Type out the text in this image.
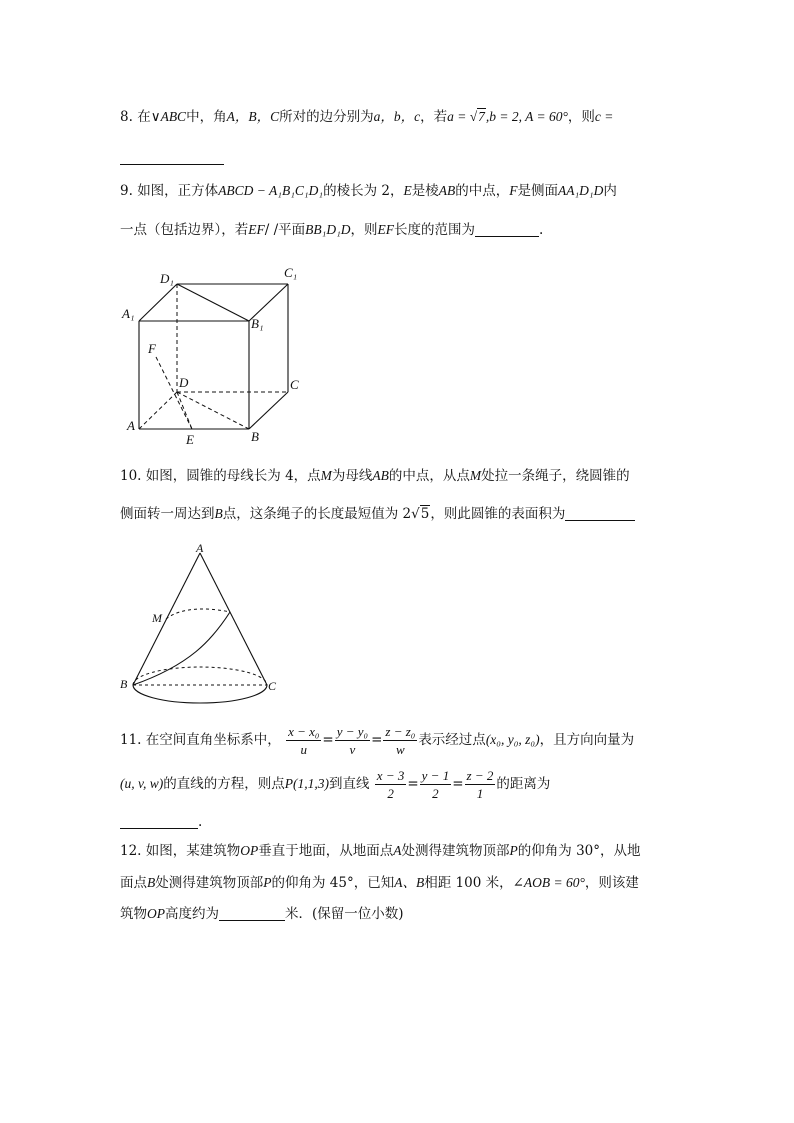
8. 在∨ABC中，角A，B，C所对的边分别为a，b，c，若a = √7,b = 2, A = 60°，则c =
9. 如图，正方体ABCD − A₁B₁C₁D₁的棱长为 2，E是棱AB的中点，F是侧面AA₁D₁D内
一点（包括边界），若EF/ /平面BB₁D₁D，则EF长度的范围为	.
D₁	C₁
A₁
B₁
F
D	C
A
E	B
10. 如图，圆锥的母线长为 4，点M为母线AB的中点，从点M处拉一条绳子，绕圆锥的
侧面转一周达到B点，这条绳子的长度最短值为 2√5，则此圆锥的表面积为
A
M
B	C
11. 在空间直角坐标系中， $\frac{\text{x − x₀}}{u} = \frac{\text{y − y₀}}{v} = \frac{\text{z − z₀}}{w}$ 表示经过点(x₀, y₀, z₀)，且方向向量为
(u, v, w)的直线的方程，则点P(1,1,3)到直线 $\frac{x - 3}{2} = \frac{y - 1}{2} = \frac{z - 2}{1}$ 的距离为
.
12. 如图，某建筑物OP垂直于地面，从地面点A处测得建筑物顶部P的仰角为 30°，从地
面点B处测得建筑物顶部P的仰角为 45°，已知A、B相距 100 米，∠AOB = 60°，则该建
筑物OP高度约为	米．(保留一位小数)
